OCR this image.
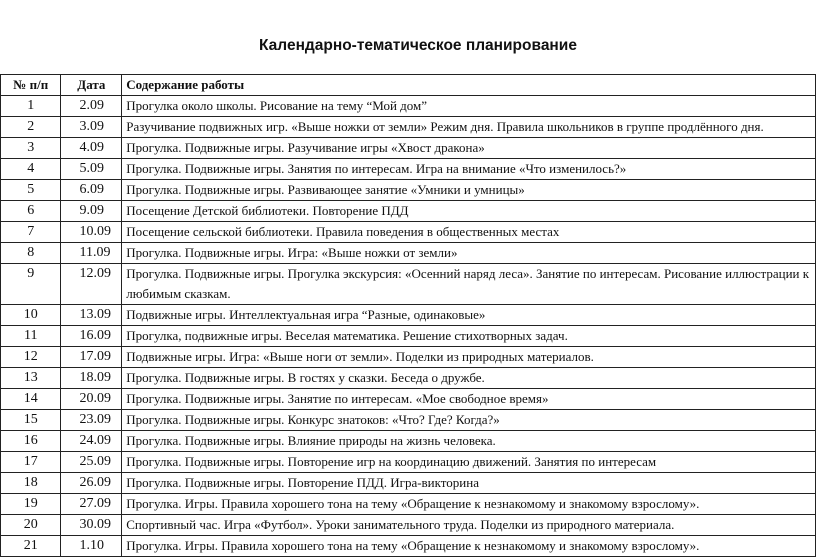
Календарно-тематическое планирование
№ п/п	Дата	Содержание работы
1	2.09	Прогулка около школы. Рисование на тему “Мой дом”
2	3.09	Разучивание подвижных игр. «Выше ножки от земли» Режим дня. Правила школьников в группе продлённого дня.
3	4.09	Прогулка. Подвижные игры. Разучивание игры «Хвост дракона»
4	5.09	Прогулка. Подвижные игры. Занятия по интересам. Игра на внимание «Что изменилось?»
5	6.09	Прогулка. Подвижные игры. Развивающее занятие «Умники и умницы»
6	9.09	Посещение Детской библиотеки. Повторение ПДД
7	10.09	Посещение сельской библиотеки. Правила поведения в общественных местах
8	11.09	Прогулка. Подвижные игры. Игра: «Выше ножки от земли»
9	12.09	Прогулка. Подвижные игры. Прогулка экскурсия: «Осенний наряд леса». Занятие по интересам. Рисование иллюстрации к любимым сказкам.
10	13.09	Подвижные игры. Интеллектуальная игра “Разные, одинаковые»
11	16.09	Прогулка, подвижные игры. Веселая математика. Решение стихотворных задач.
12	17.09	Подвижные игры. Игра: «Выше ноги от земли». Поделки из природных материалов.
13	18.09	Прогулка. Подвижные игры. В гостях у сказки. Беседа о дружбе.
14	20.09	Прогулка. Подвижные игры. Занятие по интересам. «Мое свободное время»
15	23.09	Прогулка. Подвижные игры. Конкурс знатоков: «Что? Где? Когда?»
16	24.09	Прогулка. Подвижные игры. Влияние природы на жизнь человека.
17	25.09	Прогулка. Подвижные игры. Повторение игр на координацию движений. Занятия по интересам
18	26.09	Прогулка. Подвижные игры. Повторение ПДД. Игра-викторина
19	27.09	Прогулка. Игры. Правила хорошего тона на тему «Обращение к незнакомому и знакомому взрослому».
20	30.09	Спортивный час. Игра «Футбол». Уроки занимательного труда. Поделки из природного материала.
21	1.10	Прогулка. Игры. Правила хорошего тона на тему «Обращение к незнакомому и знакомому взрослому».
